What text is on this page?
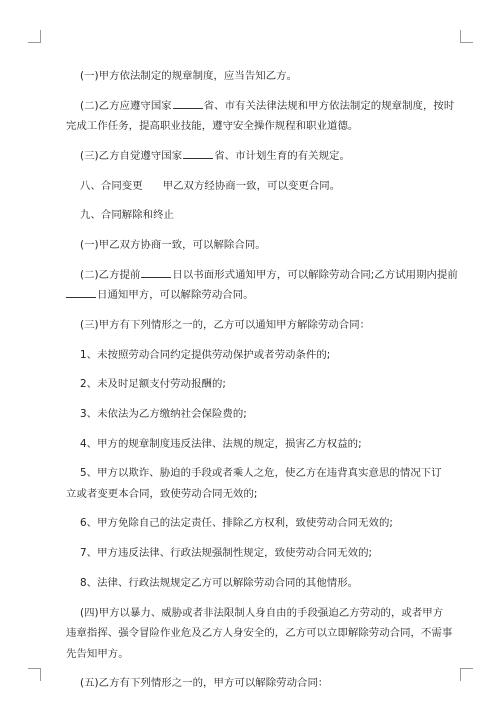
(一)甲方依法制定的规章制度，应当告知乙方。

(二)乙方应遵守国家	省、市有关法律法规和甲方依法制定的规章制度，按时
完成工作任务，提高职业技能，遵守安全操作规程和职业道德。

(三)乙方自觉遵守国家	省、市计划生育的有关规定。

八、合同变更 甲乙双方经协商一致，可以变更合同。

九、合同解除和终止

(一)甲乙双方协商一致，可以解除合同。

(二)乙方提前	日以书面形式通知甲方，可以解除劳动合同;乙方试用期内提前
日通知甲方，可以解除劳动合同。

(三)甲方有下列情形之一的，乙方可以通知甲方解除劳动合同：

1、未按照劳动合同约定提供劳动保护或者劳动条件的;

2、未及时足额支付劳动报酬的;

3、未依法为乙方缴纳社会保险费的;

4、甲方的规章制度违反法律、法规的规定，损害乙方权益的;

5、甲方以欺诈、胁迫的手段或者乘人之危，使乙方在违背真实意思的情况下订
立或者变更本合同，致使劳动合同无效的;

6、甲方免除自己的法定责任、排除乙方权利，致使劳动合同无效的;

7、甲方违反法律、行政法规强制性规定，致使劳动合同无效的;

8、法律、行政法规规定乙方可以解除劳动合同的其他情形。

(四)甲方以暴力、威胁或者非法限制人身自由的手段强迫乙方劳动的，或者甲方
违章指挥、强令冒险作业危及乙方人身安全的，乙方可以立即解除劳动合同，不需事
先告知甲方。

(五)乙方有下列情形之一的，甲方可以解除劳动合同：
